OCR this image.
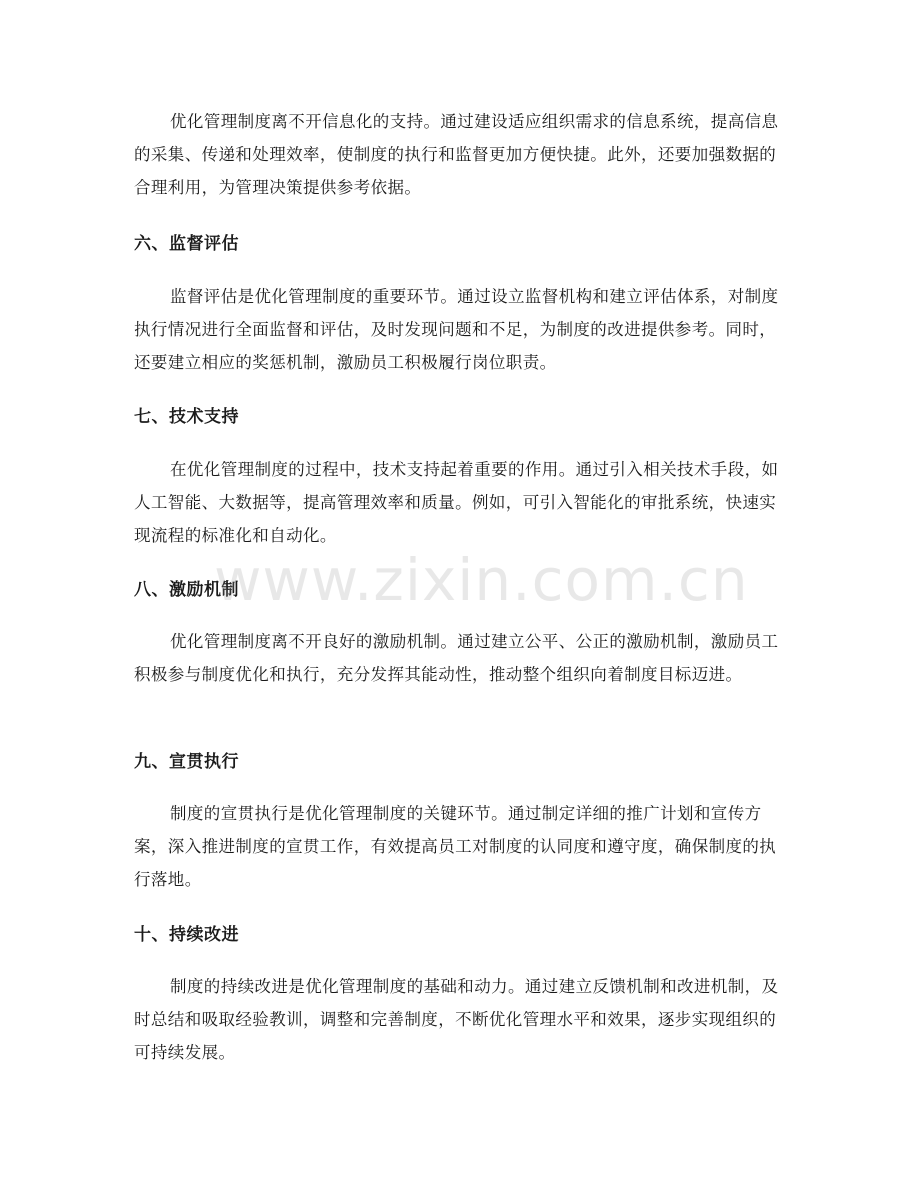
优化管理制度离不开信息化的支持。通过建设适应组织需求的信息系统，提高信息的采集、传递和处理效率，使制度的执行和监督更加方便快捷。此外，还要加强数据的合理利用，为管理决策提供参考依据。

六、监督评估

监督评估是优化管理制度的重要环节。通过设立监督机构和建立评估体系，对制度执行情况进行全面监督和评估，及时发现问题和不足，为制度的改进提供参考。同时，还要建立相应的奖惩机制，激励员工积极履行岗位职责。

七、技术支持

在优化管理制度的过程中，技术支持起着重要的作用。通过引入相关技术手段，如人工智能、大数据等，提高管理效率和质量。例如，可引入智能化的审批系统，快速实现流程的标准化和自动化。

八、激励机制

优化管理制度离不开良好的激励机制。通过建立公平、公正的激励机制，激励员工积极参与制度优化和执行，充分发挥其能动性，推动整个组织向着制度目标迈进。

九、宣贯执行

制度的宣贯执行是优化管理制度的关键环节。通过制定详细的推广计划和宣传方案，深入推进制度的宣贯工作，有效提高员工对制度的认同度和遵守度，确保制度的执行落地。

十、持续改进

制度的持续改进是优化管理制度的基础和动力。通过建立反馈机制和改进机制，及时总结和吸取经验教训，调整和完善制度，不断优化管理水平和效果，逐步实现组织的可持续发展。

www.zixin.com.cn
